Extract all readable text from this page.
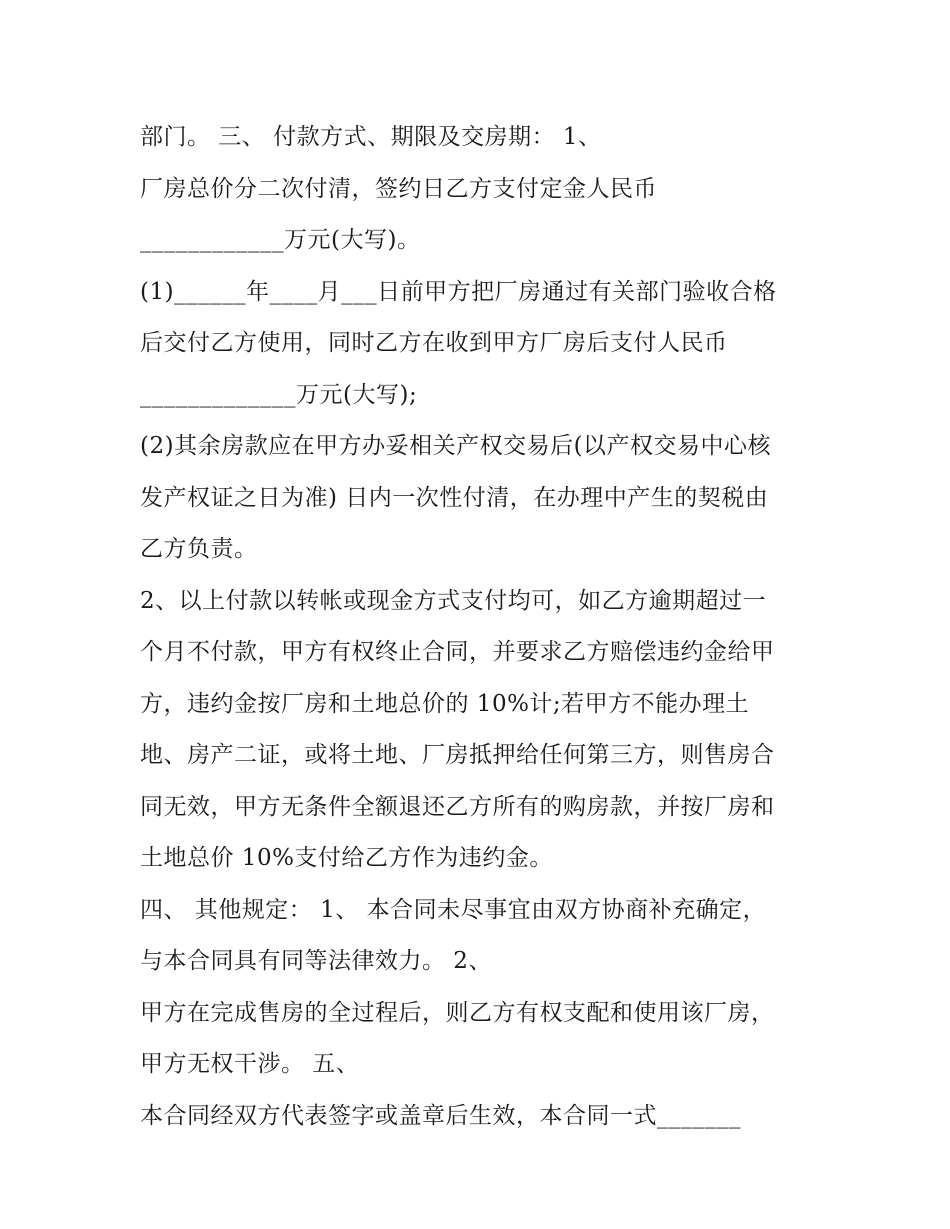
部门。 三、 付款方式、期限及交房期： 1、
厂房总价分二次付清，签约日乙方支付定金人民币
____________万元(大写)。
(1)______年____月___日前甲方把厂房通过有关部门验收合格
后交付乙方使用，同时乙方在收到甲方厂房后支付人民币
_____________万元(大写);
(2)其余房款应在甲方办妥相关产权交易后(以产权交易中心核
发产权证之日为准) 日内一次性付清，在办理中产生的契税由
乙方负责。
2、以上付款以转帐或现金方式支付均可，如乙方逾期超过一
个月不付款，甲方有权终止合同，并要求乙方赔偿违约金给甲
方，违约金按厂房和土地总价的 10%计;若甲方不能办理土
地、房产二证，或将土地、厂房抵押给任何第三方，则售房合
同无效，甲方无条件全额退还乙方所有的购房款，并按厂房和
土地总价 10%支付给乙方作为违约金。
四、 其他规定： 1、 本合同未尽事宜由双方协商补充确定，
与本合同具有同等法律效力。 2、
甲方在完成售房的全过程后，则乙方有权支配和使用该厂房，
甲方无权干涉。 五、
本合同经双方代表签字或盖章后生效，本合同一式_______
